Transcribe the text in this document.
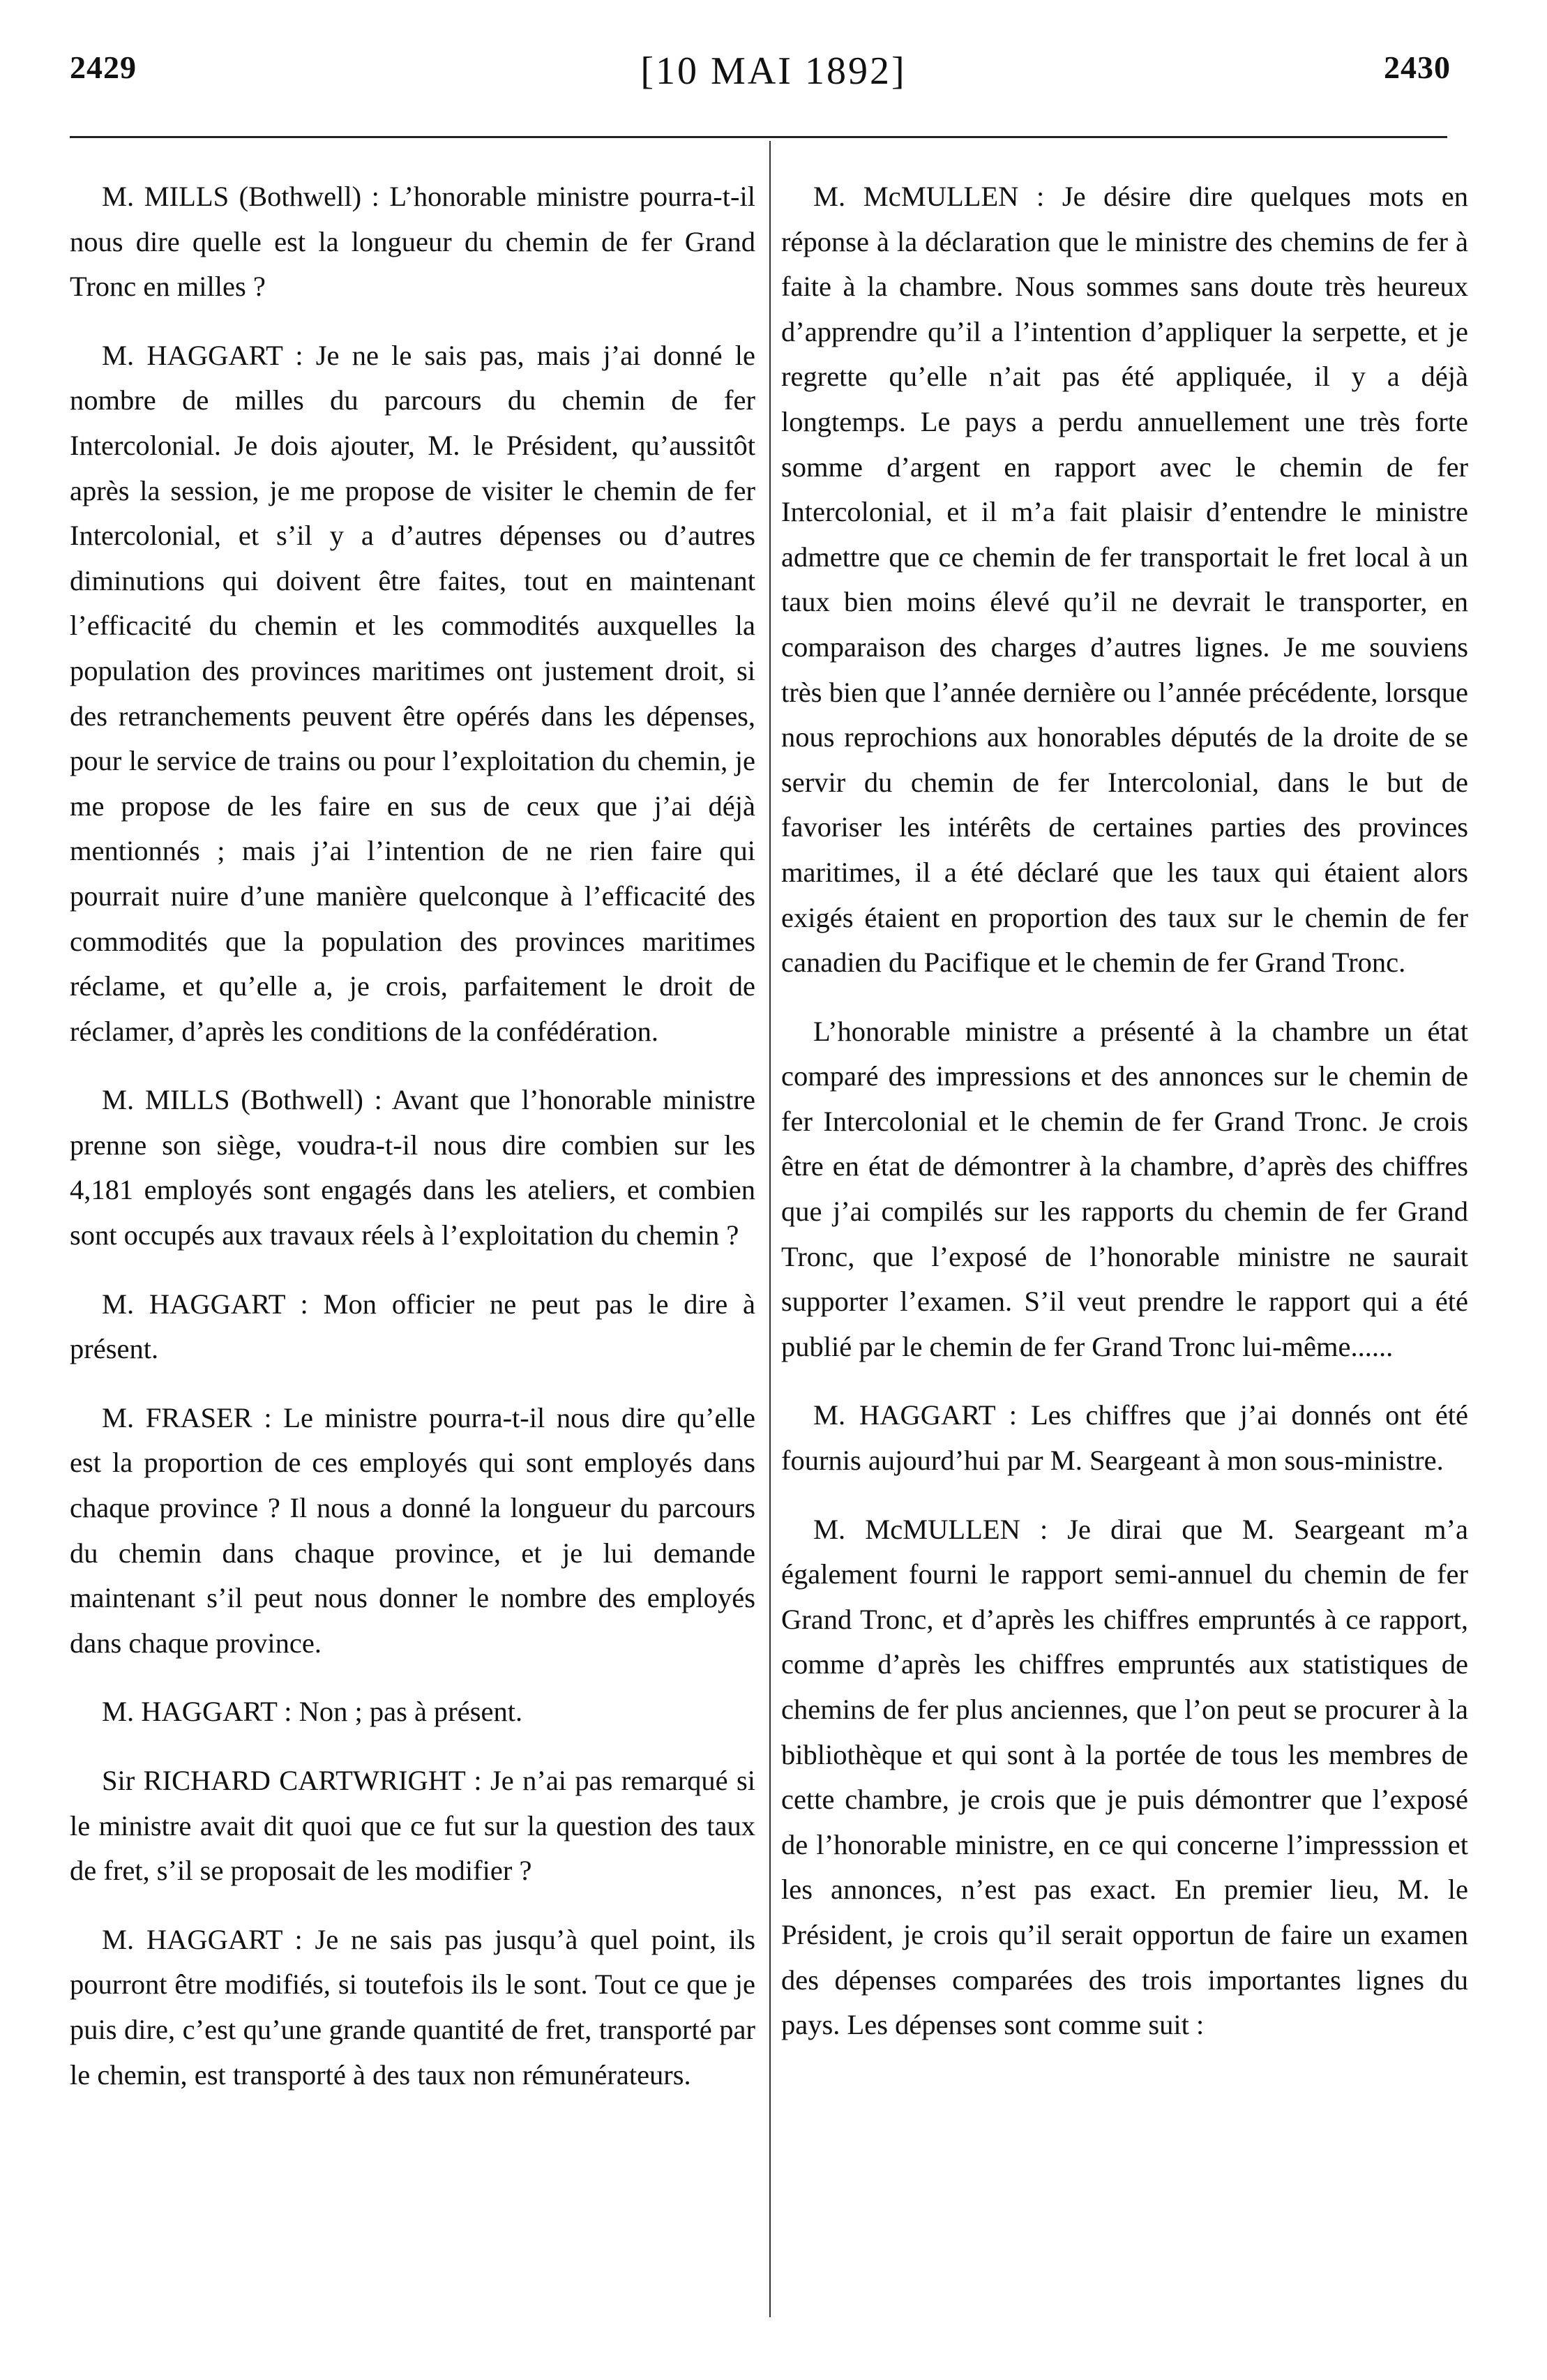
2429	[10 MAI 1892]	2430

M. MILLS (Bothwell) : L’honorable ministre pourra-t-il nous dire quelle est la longueur du chemin de fer Grand Tronc en milles ?

M. HAGGART : Je ne le sais pas, mais j’ai donné le nombre de milles du parcours du chemin de fer Intercolonial. Je dois ajouter, M. le Président, qu’aussitôt après la session, je me propose de visiter le chemin de fer Intercolonial, et s’il y a d’autres dépenses ou d’autres diminutions qui doivent être faites, tout en maintenant l’efficacité du chemin et les commodités auxquelles la population des provinces maritimes ont justement droit, si des retranchements peuvent être opérés dans les dépenses, pour le service de trains ou pour l’exploitation du chemin, je me propose de les faire en sus de ceux que j’ai déjà mentionnés ; mais j’ai l’intention de ne rien faire qui pourrait nuire d’une manière quelconque à l’efficacité des commodités que la population des provinces maritimes réclame, et qu’elle a, je crois, parfaitement le droit de réclamer, d’après les conditions de la confédération.

M. MILLS (Bothwell) : Avant que l’honorable ministre prenne son siège, voudra-t-il nous dire combien sur les 4,181 employés sont engagés dans les ateliers, et combien sont occupés aux travaux réels à l’exploitation du chemin ?

M. HAGGART : Mon officier ne peut pas le dire à présent.

M. FRASER : Le ministre pourra-t-il nous dire qu’elle est la proportion de ces employés qui sont employés dans chaque province ? Il nous a donné la longueur du parcours du chemin dans chaque province, et je lui demande maintenant s’il peut nous donner le nombre des employés dans chaque province.

M. HAGGART : Non ; pas à présent.

Sir RICHARD CARTWRIGHT : Je n’ai pas remarqué si le ministre avait dit quoi que ce fut sur la question des taux de fret, s’il se proposait de les modifier ?

M. HAGGART : Je ne sais pas jusqu’à quel point, ils pourront être modifiés, si toutefois ils le sont. Tout ce que je puis dire, c’est qu’une grande quantité de fret, transporté par le chemin, est transporté à des taux non rémunérateurs.

M. McMULLEN : Je désire dire quelques mots en réponse à la déclaration que le ministre des chemins de fer à faite à la chambre. Nous sommes sans doute très heureux d’apprendre qu’il a l’intention d’appliquer la serpette, et je regrette qu’elle n’ait pas été appliquée, il y a déjà longtemps. Le pays a perdu annuellement une très forte somme d’argent en rapport avec le chemin de fer Intercolonial, et il m’a fait plaisir d’entendre le ministre admettre que ce chemin de fer transportait le fret local à un taux bien moins élevé qu’il ne devrait le transporter, en comparaison des charges d’autres lignes. Je me souviens très bien que l’année dernière ou l’année précédente, lorsque nous reprochions aux honorables députés de la droite de se servir du chemin de fer Intercolonial, dans le but de favoriser les intérêts de certaines parties des provinces maritimes, il a été déclaré que les taux qui étaient alors exigés étaient en proportion des taux sur le chemin de fer canadien du Pacifique et le chemin de fer Grand Tronc.

L’honorable ministre a présenté à la chambre un état comparé des impressions et des annonces sur le chemin de fer Intercolonial et le chemin de fer Grand Tronc. Je crois être en état de démontrer à la chambre, d’après des chiffres que j’ai compilés sur les rapports du chemin de fer Grand Tronc, que l’exposé de l’honorable ministre ne saurait supporter l’examen. S’il veut prendre le rapport qui a été publié par le chemin de fer Grand Tronc lui-même......

M. HAGGART : Les chiffres que j’ai donnés ont été fournis aujourd’hui par M. Seargeant à mon sous-ministre.

M. McMULLEN : Je dirai que M. Seargeant m’a également fourni le rapport semi-annuel du chemin de fer Grand Tronc, et d’après les chiffres empruntés à ce rapport, comme d’après les chiffres empruntés aux statistiques de chemins de fer plus anciennes, que l’on peut se procurer à la bibliothèque et qui sont à la portée de tous les membres de cette chambre, je crois que je puis démontrer que l’exposé de l’honorable ministre, en ce qui concerne l’impresssion et les annonces, n’est pas exact. En premier lieu, M. le Président, je crois qu’il serait opportun de faire un examen des dépenses comparées des trois importantes lignes du pays. Les dépenses sont comme suit :
